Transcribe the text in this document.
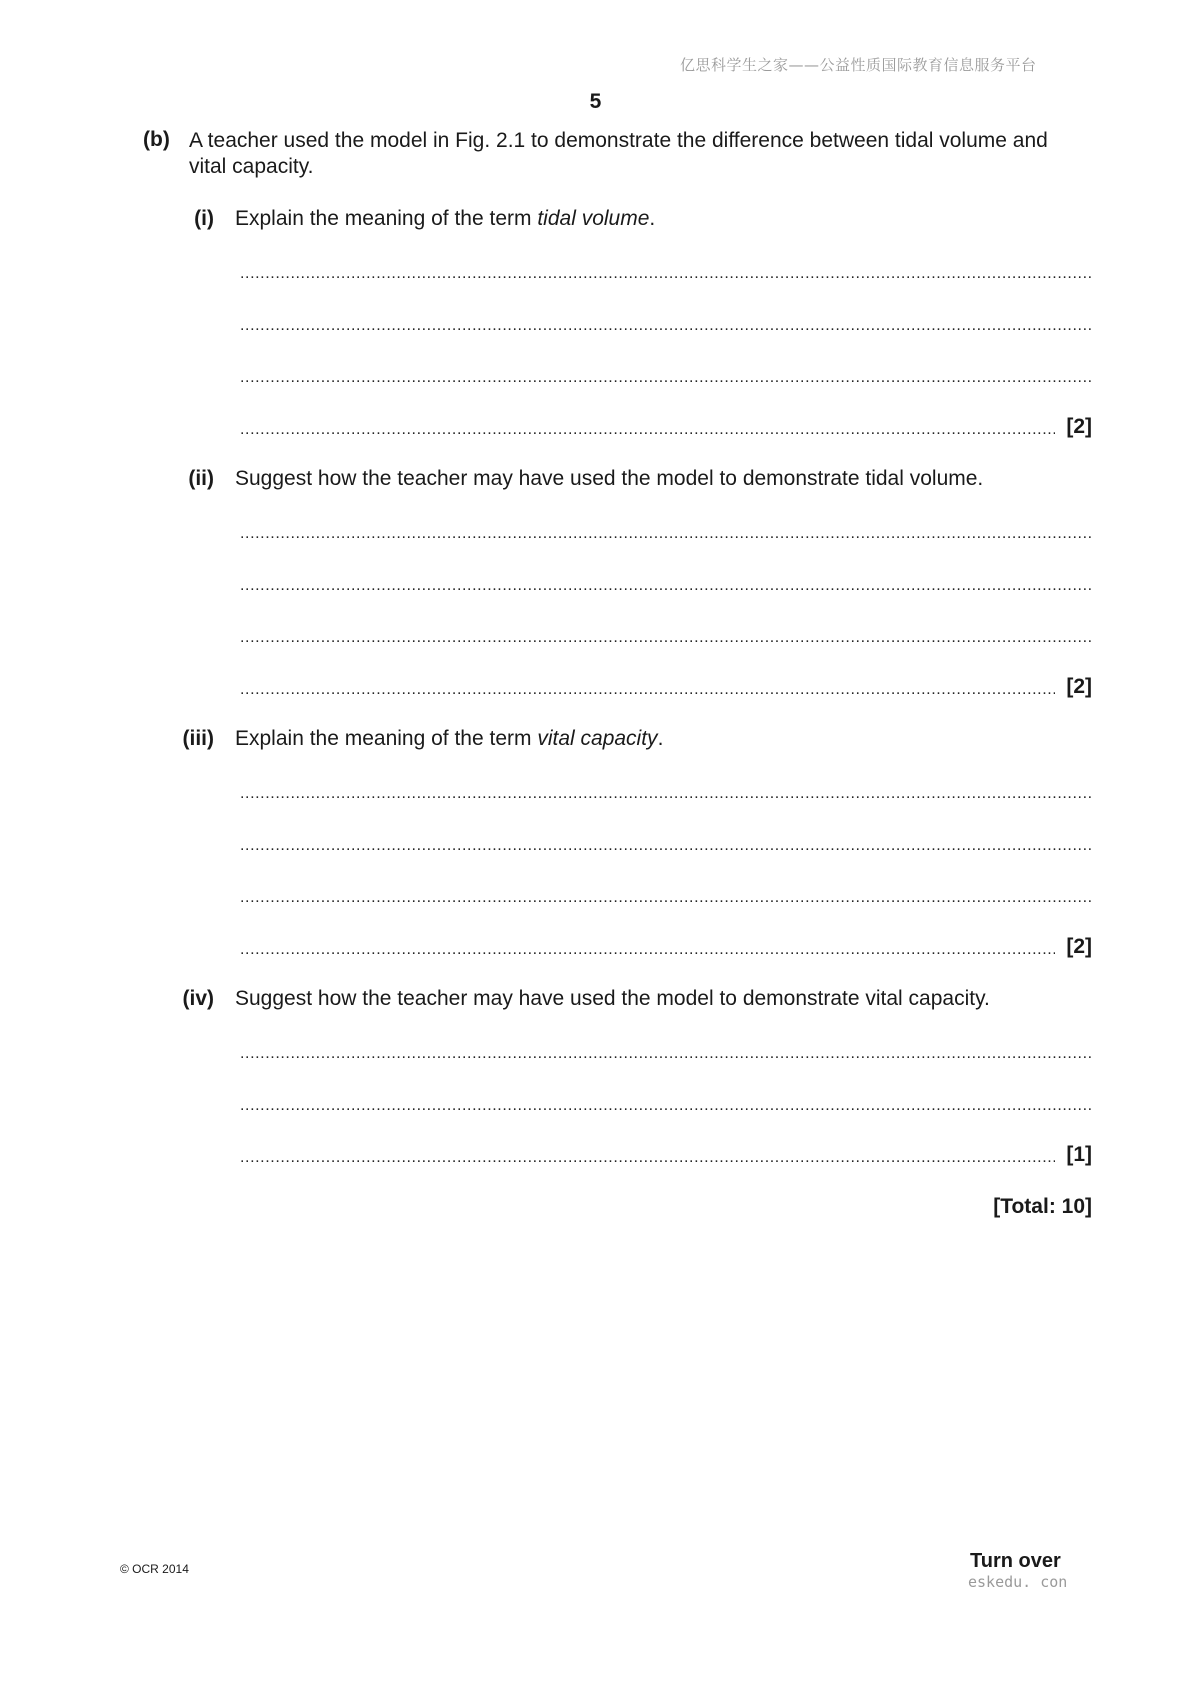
亿思科学生之家——公益性质国际教育信息服务平台
5
(b) A teacher used the model in Fig. 2.1 to demonstrate the difference between tidal volume and
vital capacity.
(i) Explain the meaning of the term tidal volume.
.....
.....
.....
.....
[2]
(ii) Suggest how the teacher may have used the model to demonstrate tidal volume.
.....
.....
.....
.....
[2]
(iii) Explain the meaning of the term vital capacity.
.....
.....
.....
.....
[2]
(iv) Suggest how the teacher may have used the model to demonstrate vital capacity.
.....
.....
.....
[1]
[Total: 10]
© OCR 2014	Turn over
eskedu. con
